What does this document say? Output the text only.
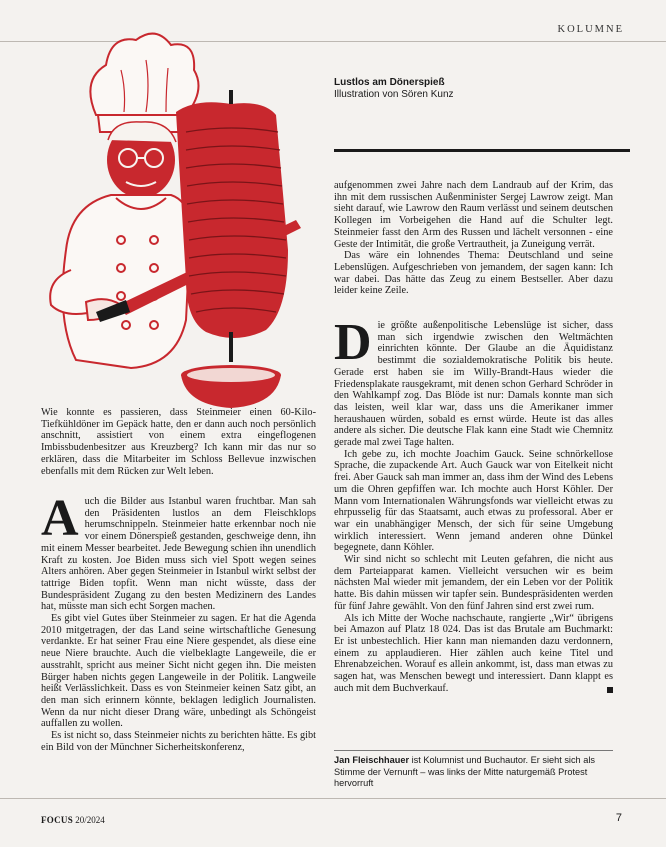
KOLUMNE
Lustlos am Dönerspieß
Illustration von Sören Kunz

Wie konnte es passieren, dass Steinmeier einen 60-Kilo-Tiefkühldöner im Gepäck hatte, den er dann auch noch persönlich anschnitt, assistiert von einem extra eingeflogenen Imbissbudenbesitzer aus Kreuzberg? Ich kann mir das nur so erklären, dass die Mitarbeiter im Schloss Bellevue inzwischen ebenfalls mit dem Rücken zur Welt leben.

Auch die Bilder aus Istanbul waren fruchtbar. Man sah den Präsidenten lustlos an dem Fleischklops herumschnippeln. Steinmeier hatte erkennbar noch nie vor einem Dönerspieß gestanden, geschweige denn, ihn mit einem Messer bearbeitet. Jede Bewegung schien ihn unendlich Kraft zu kosten. Joe Biden muss sich viel Spott wegen seines Alters anhören. Aber gegen Steinmeier in Istanbul wirkt selbst der tattrige Biden topfit. Wenn man nicht wüsste, dass der Bundespräsident Zugang zu den besten Medizinern des Landes hat, müsste man sich echt Sorgen machen.

Es gibt viel Gutes über Steinmeier zu sagen. Er hat die Agenda 2010 mitgetragen, der das Land seine wirtschaftliche Genesung verdankte. Er hat seiner Frau eine Niere gespendet, als diese eine neue Niere brauchte. Auch die vielbeklagte Langeweile, die er ausstrahlt, spricht aus meiner Sicht nicht gegen ihn. Die meisten Bürger haben nichts gegen Langeweile in der Politik. Langweile heißt Verlässlichkeit. Dass es von Steinmeier keinen Satz gibt, an den man sich erinnern könnte, beklagen lediglich Journalisten. Wenn da nur nicht dieser Drang wäre, unbedingt als Schöngeist auffallen zu wollen.

Es ist nicht so, dass Steinmeier nichts zu berichten hätte. Es gibt ein Bild von der Münchner Sicherheitskonferenz,

aufgenommen zwei Jahre nach dem Landraub auf der Krim, das ihn mit dem russischen Außenminister Sergej Lawrow zeigt. Man sieht darauf, wie Lawrow den Raum verlässt und seinem deutschen Kollegen im Vorbeigehen die Hand auf die Schulter legt. Steinmeier fasst den Arm des Russen und lächelt versonnen - eine Geste der Intimität, die große Vertrautheit, ja Zuneigung verrät.

Das wäre ein lohnendes Thema: Deutschland und seine Lebenslügen. Aufgeschrieben von jemandem, der sagen kann: Ich war dabei. Das hätte das Zeug zu einem Bestseller. Aber dazu leider keine Zeile.

Die größte außenpolitische Lebenslüge ist sicher, dass man sich irgendwie zwischen den Weltmächten einrichten könnte. Der Glaube an die Äquidistanz bestimmt die sozialdemokratische Politik bis heute. Gerade erst haben sie im Willy-Brandt-Haus wieder die Friedensplakate rausgekramt, mit denen schon Gerhard Schröder in den Wahlkampf zog. Das Blöde ist nur: Damals konnte man sich das leisten, weil klar war, dass uns die Amerikaner immer heraushauen würden, sobald es ernst würde. Heute ist das alles andere als sicher. Die deutsche Flak kann eine Stadt wie Chemnitz gerade mal zwei Tage halten.

Ich gebe zu, ich mochte Joachim Gauck. Seine schnörkellose Sprache, die zupackende Art. Auch Gauck war von Eitelkeit nicht frei. Aber Gauck sah man immer an, dass ihm der Wind des Lebens um die Ohren gepfiffen war. Ich mochte auch Horst Köhler. Der Mann vom Internationalen Währungsfonds war vielleicht etwas zu ehrpusselig für das Staatsamt, auch etwas zu professoral. Aber er war ein unabhängiger Mensch, der sich für seine Umgebung wirklich interessiert. Wenn jemand anderen ohne Dünkel begegnete, dann Köhler.

Wir sind nicht so schlecht mit Leuten gefahren, die nicht aus dem Parteiapparat kamen. Vielleicht versuchen wir es beim nächsten Mal wieder mit jemandem, der ein Leben vor der Politik hatte. Bis dahin müssen wir tapfer sein. Bundespräsidenten werden für fünf Jahre gewählt. Von den fünf Jahren sind erst zwei rum.

Als ich Mitte der Woche nachschaute, rangierte „Wir“ übrigens bei Amazon auf Platz 18 024. Das ist das Brutale am Buchmarkt: Er ist unbestechlich. Hier kann man niemanden dazu verdonnern, einem zu applaudieren. Hier zählen auch keine Titel und Ehrenabzeichen. Worauf es allein ankommt, ist, dass man etwas zu sagen hat, was Menschen bewegt und interessiert. Dann klappt es auch mit dem Buchverkauf.

Jan Fleischhauer ist Kolumnist und Buchautor. Er sieht sich als Stimme der Vernunft – was links der Mitte naturgemäß Protest hervorruft
FOCUS 20/2024	7
